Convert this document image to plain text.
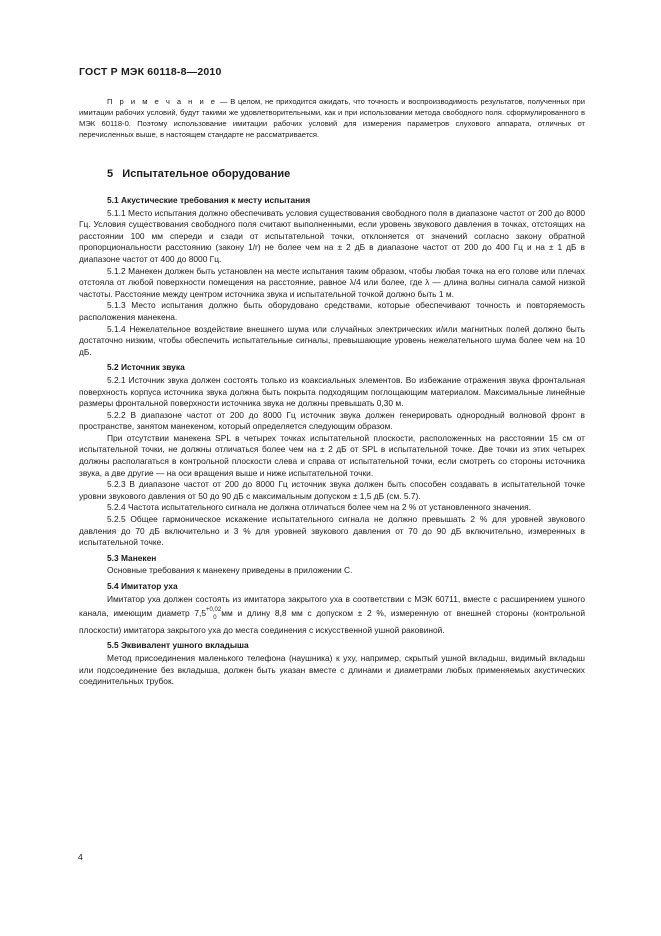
ГОСТ Р МЭК 60118-8—2010
П р и м е ч а н и е — В целом, не приходится ожидать, что точность и воспроизводимость результатов, полученных при имитации рабочих условий, будут такими же удовлетворительными, как и при использовании метода свободного поля. сформулированного в МЭК 60118-0. Поэтому использование имитации рабочих условий для измерения параметров слухового аппарата, отличных от перечисленных выше, в настоящем стандарте не рассматривается.
5 Испытательное оборудование

5.1 Акустические требования к месту испытания

5.1.1 Место испытания должно обеспечивать условия существования свободного поля в диапазоне частот от 200 до 8000 Гц. Условия существования свободного поля считают выполненными, если уровень звукового давления в точках, отстоящих на расстоянии 100 мм спереди и сзади от испытательной точки, отклоняется от значений согласно закону обратной пропорциональности расстоянию (закону 1/r) не более чем на ± 2 дБ в диапазоне частот от 200 до 400 Гц и на ± 1 дБ в диапазоне частот от 400 до 8000 Гц.

5.1.2 Манекен должен быть установлен на месте испытания таким образом, чтобы любая точка на его голове или плечах отстояла от любой поверхности помещения на расстояние, равное λ/4 или более, где λ — длина волны сигнала самой низкой частоты. Расстояние между центром источника звука и испытательной точкой должно быть 1 м.

5.1.3 Место испытания должно быть оборудовано средствами, которые обеспечивают точность и повторяемость расположения манекена.

5.1.4 Нежелательное воздействие внешнего шума или случайных электрических и/или магнитных полей должно быть достаточно низким, чтобы обеспечить испытательные сигналы, превышающие уровень нежелательного шума более чем на 10 дБ.

5.2 Источник звука

5.2.1 Источник звука должен состоять только из коаксиальных элементов. Во избежание отражения звука фронтальная поверхность корпуса источника звука должна быть покрыта подходящим поглощающим материалом. Максимальные линейные размеры фронтальной поверхности источника звука не должны превышать 0,30 м.

5.2.2 В диапазоне частот от 200 до 8000 Гц источник звука должен генерировать однородный волновой фронт в пространстве, занятом манекеном, который определяется следующим образом.

При отсутствии манекена SPL в четырех точках испытательной плоскости, расположенных на расстоянии 15 см от испытательной точки, не должны отличаться более чем на ± 2 дБ от SPL в испытательной точке. Две точки из этих четырех должны располагаться в контрольной плоскости слева и справа от испытательной точки, если смотреть со стороны источника звука, а две другие — на оси вращения выше и ниже испытательной точки.

5.2.3 В диапазоне частот от 200 до 8000 Гц источник звука должен быть способен создавать в испытательной точке уровни звукового давления от 50 до 90 дБ с максимальным допуском ± 1,5 дБ (см. 5.7).

5.2.4 Частота испытательного сигнала не должна отличаться более чем на 2 % от установленного значения.

5.2.5 Общее гармоническое искажение испытательного сигнала не должно превышать 2 % для уровней звукового давления до 70 дБ включительно и 3 % для уровней звукового давления от 70 до 90 дБ включительно, измеренных в испытательной точке.

5.3 Манекен

Основные требования к манекену приведены в приложении С.

5.4 Имитатор уха

Имитатор уха должен состоять из имитатора закрытого уха в соответствии с МЭК 60711, вместе с расширением ушного канала, имеющим диаметр $7,5^{+0,02}_0$ мм и длину 8,8 мм с допуском ± 2 %, измеренную от внешней стороны (контрольной плоскости) имитатора закрытого уха до места соединения с искусственной ушной раковиной.

5.5 Эквивалент ушного вкладыша

Метод присоединения маленького телефона (наушника) к уху, например, скрытый ушной вкладыш, видимый вкладыш или подсоединение без вкладыша, должен быть указан вместе с длинами и диаметрами любых применяемых акустических соединительных трубок.

4
